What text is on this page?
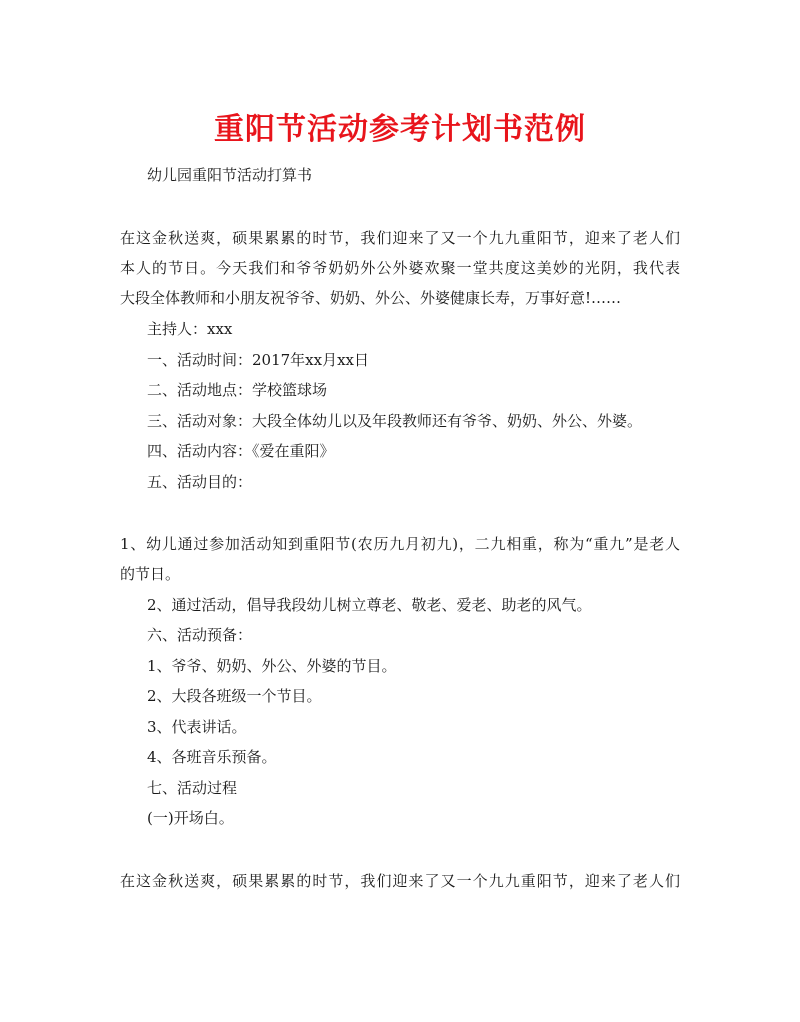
重阳节活动参考计划书范例
幼儿园重阳节活动打算书
在这金秋送爽，硕果累累的时节，我们迎来了又一个九九重阳节，迎来了老人们
本人的节日。今天我们和爷爷奶奶外公外婆欢聚一堂共度这美妙的光阴，我代表
大段全体教师和小朋友祝爷爷、奶奶、外公、外婆健康长寿，万事好意!……
主持人：xxx
一、活动时间：2017年xx月xx日
二、活动地点：学校篮球场
三、活动对象：大段全体幼儿以及年段教师还有爷爷、奶奶、外公、外婆。
四、活动内容：《爱在重阳》
五、活动目的：
1、幼儿通过参加活动知到重阳节(农历九月初九)，二九相重，称为“重九”是老人
的节日。
2、通过活动，倡导我段幼儿树立尊老、敬老、爱老、助老的风气。
六、活动预备：
1、爷爷、奶奶、外公、外婆的节目。
2、大段各班级一个节目。
3、代表讲话。
4、各班音乐预备。
七、活动过程
(一)开场白。
在这金秋送爽，硕果累累的时节，我们迎来了又一个九九重阳节，迎来了老人们
